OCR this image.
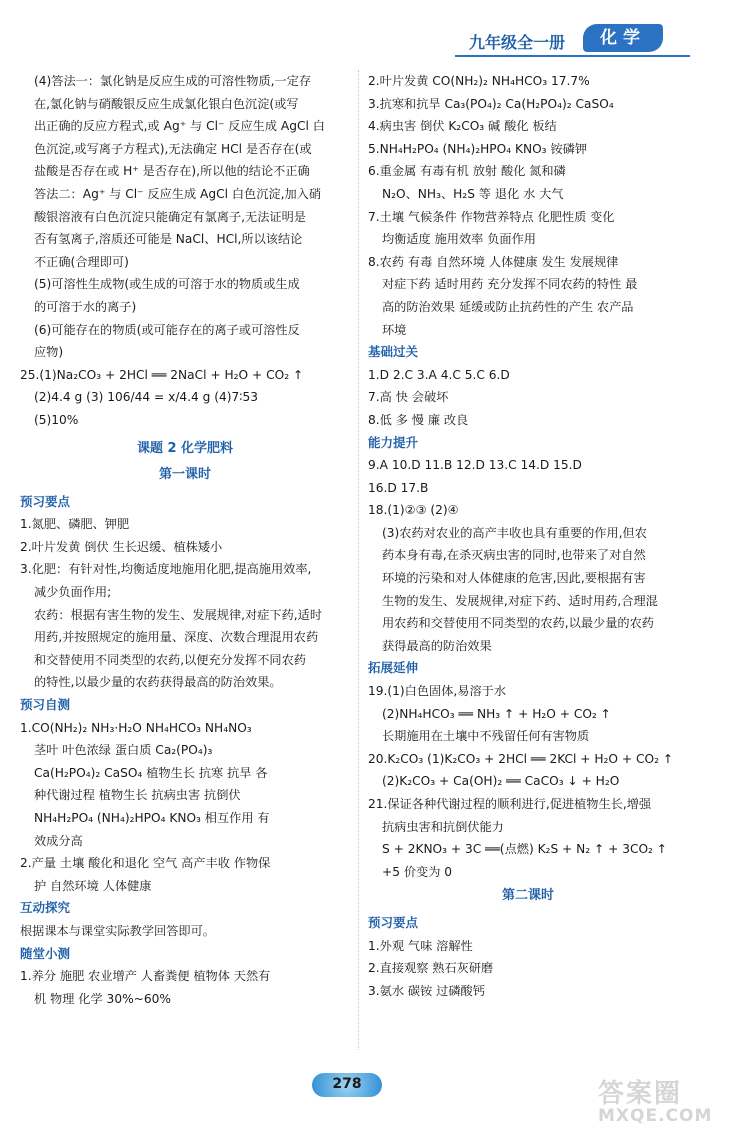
九年级全一册	化学
(4)答法一：氯化钠是反应生成的可溶性物质,一定存
在,氯化钠与硝酸银反应生成氯化银白色沉淀(或写
出正确的反应方程式,或 Ag⁺ 与 Cl⁻ 反应生成 AgCl 白
色沉淀,或写离子方程式),无法确定 HCl 是否存在(或
盐酸是否存在或 H⁺ 是否存在),所以他的结论不正确
答法二：Ag⁺ 与 Cl⁻ 反应生成 AgCl 白色沉淀,加入硝
酸银溶液有白色沉淀只能确定有氯离子,无法证明是
否有氢离子,溶质还可能是 NaCl、HCl,所以该结论
不正确(合理即可)
(5)可溶性生成物(或生成的可溶于水的物质或生成
的可溶于水的离子)
(6)可能存在的物质(或可能存在的离子或可溶性反
应物)
25.(1)Na₂CO₃ + 2HCl ══ 2NaCl + H₂O + CO₂ ↑
(2)4.4 g (3) 106/44 = x/4.4 g (4)7∶53
(5)10%
课题 2 化学肥料
第一课时
预习要点
1.氮肥、磷肥、钾肥
2.叶片发黄 倒伏 生长迟缓、植株矮小
3.化肥：有针对性,均衡适度地施用化肥,提高施用效率,
减少负面作用;
农药：根据有害生物的发生、发展规律,对症下药,适时
用药,并按照规定的施用量、深度、次数合理混用农药
和交替使用不同类型的农药,以便充分发挥不同农药
的特性,以最少量的农药获得最高的防治效果。
预习自测
1.CO(NH₂)₂ NH₃·H₂O NH₄HCO₃ NH₄NO₃
茎叶 叶色浓绿 蛋白质 Ca₂(PO₄)₃
Ca(H₂PO₄)₂ CaSO₄ 植物生长 抗寒 抗旱 各
种代谢过程 植物生长 抗病虫害 抗倒伏
NH₄H₂PO₄ (NH₄)₂HPO₄ KNO₃ 相互作用 有
效成分高
2.产量 土壤 酸化和退化 空气 高产丰收 作物保
护 自然环境 人体健康
互动探究
根据课本与课堂实际教学回答即可。
随堂小测
1.养分 施肥 农业增产 人畜粪便 植物体 天然有
机 物理 化学 30%~60%
2.叶片发黄 CO(NH₂)₂ NH₄HCO₃ 17.7%
3.抗寒和抗旱 Ca₃(PO₄)₂ Ca(H₂PO₄)₂ CaSO₄
4.病虫害 倒伏 K₂CO₃ 碱 酸化 板结
5.NH₄H₂PO₄ (NH₄)₂HPO₄ KNO₃ 铵磷钾
6.重金属 有毒有机 放射 酸化 氮和磷
N₂O、NH₃、H₂S 等 退化 水 大气
7.土壤 气候条件 作物营养特点 化肥性质 变化
均衡适度 施用效率 负面作用
8.农药 有毒 自然环境 人体健康 发生 发展规律
对症下药 适时用药 充分发挥不同农药的特性 最
高的防治效果 延缓或防止抗药性的产生 农产品
环境
基础过关
1.D 2.C 3.A 4.C 5.C 6.D
7.高 快 会破坏
8.低 多 慢 廉 改良
能力提升
9.A 10.D 11.B 12.D 13.C 14.D 15.D
16.D 17.B
18.(1)②③ (2)④
(3)农药对农业的高产丰收也具有重要的作用,但农
药本身有毒,在杀灭病虫害的同时,也带来了对自然
环境的污染和对人体健康的危害,因此,要根据有害
生物的发生、发展规律,对症下药、适时用药,合理混
用农药和交替使用不同类型的农药,以最少量的农药
获得最高的防治效果
拓展延伸
19.(1)白色固体,易溶于水
(2)NH₄HCO₃ ══ NH₃ ↑ + H₂O + CO₂ ↑
长期施用在土壤中不残留任何有害物质
20.K₂CO₃ (1)K₂CO₃ + 2HCl ══ 2KCl + H₂O + CO₂ ↑
(2)K₂CO₃ + Ca(OH)₂ ══ CaCO₃ ↓ + H₂O
21.保证各种代谢过程的顺利进行,促进植物生长,增强
抗病虫害和抗倒伏能力
S + 2KNO₃ + 3C ══(点燃) K₂S + N₂ ↑ + 3CO₂ ↑
+5 价变为 0
第二课时
预习要点
1.外观 气味 溶解性
2.直接观察 熟石灰研磨
3.氨水 碳铵 过磷酸钙
278	答案圈
MXQE.COM
